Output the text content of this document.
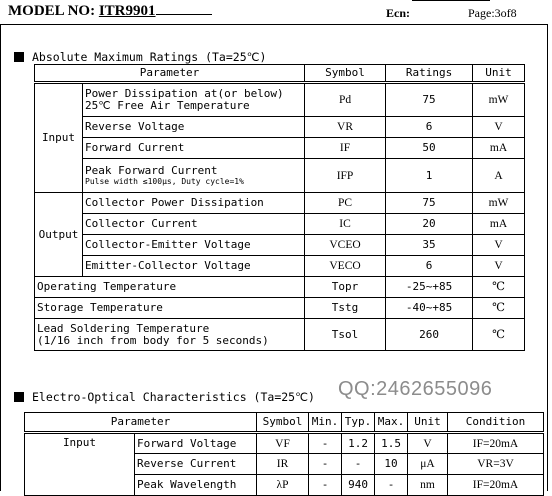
MODEL NO: ITR9901	Ecn:	Page:3of8
Absolute Maximum Ratings (Ta=25℃)
Parameter		Symbol	Ratings	Unit
Input	Power Dissipation at(or below)
25℃ Free Air Temperature	Pd	75	mW
	Reverse Voltage	VR	6	V
	Forward Current	IF	50	mA

	Peak Forward Current
Pulse width ≤100μs, Duty cycle=1%	IFP	1	A
Output	Collector Power Dissipation	PC	75	mW
	Collector Current	IC	20	mA
	Collector-Emitter Voltage	VCEO	35	V
	Emitter-Collector Voltage	VECO	6	V
Operating Temperature		Topr	-25~+85	℃
Storage Temperature		Tstg	-40~+85	℃

Lead Soldering Temperature
(1/16 inch from body for 5 seconds)		Tsol	260	℃
Electro-Optical Characteristics (Ta=25℃) QQ:2462655096
Parameter		Symbol	Min.	Typ.	Max.	Unit	Condition
Input	Forward Voltage	VF	-	1.2	1.5	V	IF=20mA
	Reverse Current	IR	-	-	10	μA	VR=3V
	Peak Wavelength	λP	-	940	-	nm	IF=20mA
